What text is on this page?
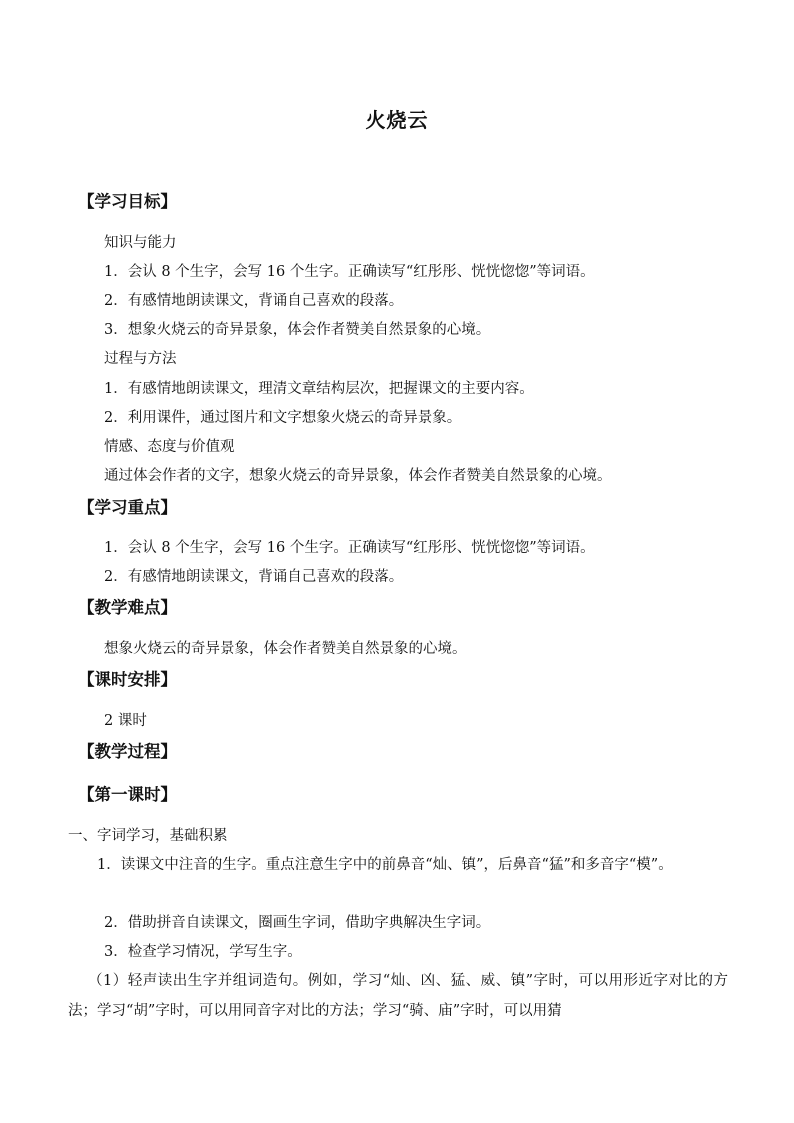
火烧云
【学习目标】
知识与能力
1．会认 8 个生字，会写 16 个生字。正确读写“红彤彤、恍恍惚惚”等词语。
2．有感情地朗读课文，背诵自己喜欢的段落。
3．想象火烧云的奇异景象，体会作者赞美自然景象的心境。
过程与方法
1．有感情地朗读课文，理清文章结构层次，把握课文的主要内容。
2．利用课件，通过图片和文字想象火烧云的奇异景象。
情感、态度与价值观
通过体会作者的文字，想象火烧云的奇异景象，体会作者赞美自然景象的心境。
【学习重点】
1．会认 8 个生字，会写 16 个生字。正确读写“红彤彤、恍恍惚惚”等词语。
2．有感情地朗读课文，背诵自己喜欢的段落。
【教学难点】
想象火烧云的奇异景象，体会作者赞美自然景象的心境。
【课时安排】
2 课时
【教学过程】
【第一课时】
一、字词学习，基础积累
1．读课文中注音的生字。重点注意生字中的前鼻音“灿、镇”，后鼻音“猛”和多音字“模”。
2．借助拼音自读课文，圈画生字词，借助字典解决生字词。
3．检查学习情况，学写生字。
（1）轻声读出生字并组词造句。例如，学习“灿、凶、猛、威、镇”字时，可以用形近字对比的方法；学习“胡”字时，可以用同音字对比的方法；学习“骑、庙”字时，可以用猜
